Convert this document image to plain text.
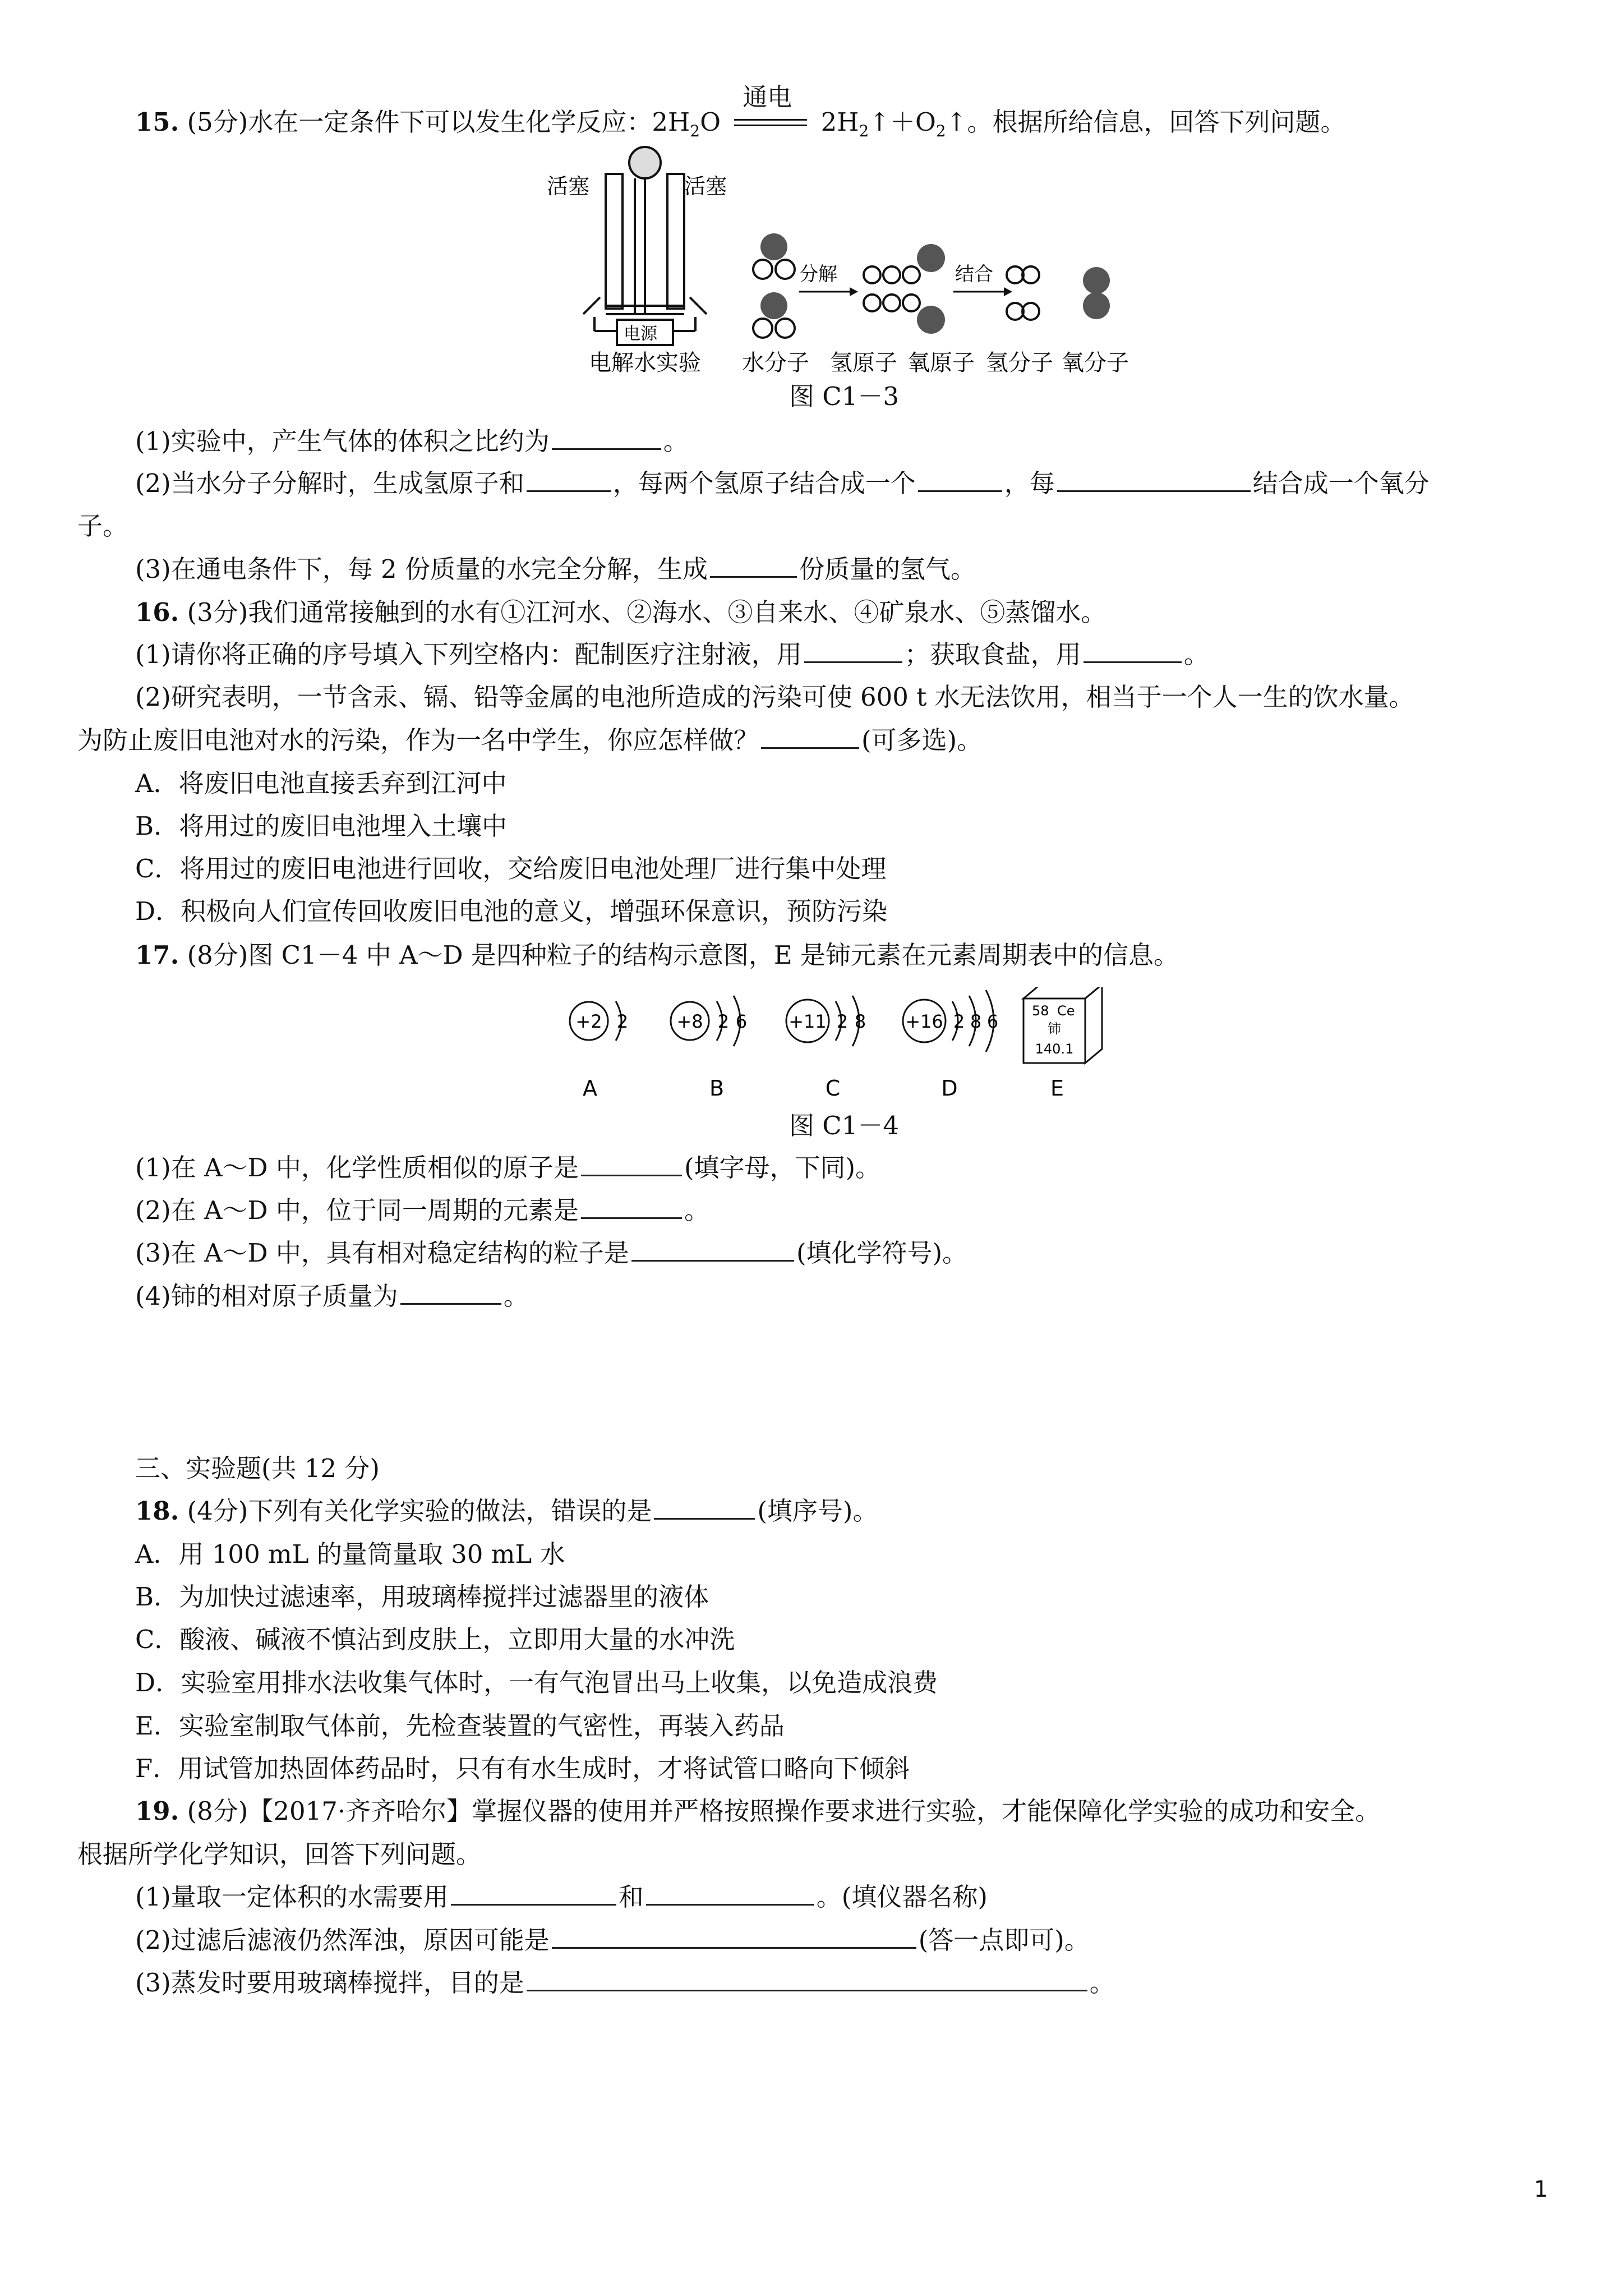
15. (5分)水在一定条件下可以发生化学反应：$2H_2O$
通电
$2H_2↑+O_2↑$。根据所给信息，回答下列问题。
活塞	活塞
电源
分解	结合
电解水实验 水分子 氢原子 氧原子 氢分子 氧分子
图 C1－3
(1)实验中，产生气体的体积之比约为	。
(2)当水分子分解时，生成氢原子和	，每两个氢原子结合成一个	，每	结合成一个氧分
子。
(3)在通电条件下，每 2 份质量的水完全分解，生成	份质量的氢气。
16. (3分)我们通常接触到的水有①江河水、②海水、③自来水、④矿泉水、⑤蒸馏水。
(1)请你将正确的序号填入下列空格内：配制医疗注射液，用	；获取食盐，用	。
(2)研究表明，一节含汞、镉、铅等金属的电池所造成的污染可使 600 t 水无法饮用，相当于一个人一生的饮水量。
为防止废旧电池对水的污染，作为一名中学生，你应怎样做？	(可多选)。
A．将废旧电池直接丢弃到江河中
B．将用过的废旧电池埋入土壤中
C．将用过的废旧电池进行回收，交给废旧电池处理厂进行集中处理
D．积极向人们宣传回收废旧电池的意义，增强环保意识，预防污染
17. (8分)图 C1－4 中 A～D 是四种粒子的结构示意图，E 是铈元素在元素周期表中的信息。
+2 2	+8 2 6 +11 2 8 +16 2 8 6 58 Ce
铈
140.1
A	B	C	D	E
图 C1－4
(1)在 A～D 中，化学性质相似的原子是	(填字母，下同)。
(2)在 A～D 中，位于同一周期的元素是	。
(3)在 A～D 中，具有相对稳定结构的粒子是	(填化学符号)。
(4)铈的相对原子质量为	。
三、实验题(共 12 分)
18. (4分)下列有关化学实验的做法，错误的是	(填序号)。
A．用 100 mL 的量筒量取 30 mL 水
B．为加快过滤速率，用玻璃棒搅拌过滤器里的液体
C．酸液、碱液不慎沾到皮肤上，立即用大量的水冲洗
D．实验室用排水法收集气体时，一有气泡冒出马上收集，以免造成浪费
E．实验室制取气体前，先检查装置的气密性，再装入药品
F．用试管加热固体药品时，只有有水生成时，才将试管口略向下倾斜
19. (8分)【2017·齐齐哈尔】掌握仪器的使用并严格按照操作要求进行实验，才能保障化学实验的成功和安全。
根据所学化学知识，回答下列问题。
(1)量取一定体积的水需要用	和	。(填仪器名称)
(2)过滤后滤液仍然浑浊，原因可能是	(答一点即可)。
(3)蒸发时要用玻璃棒搅拌，目的是	。
1
